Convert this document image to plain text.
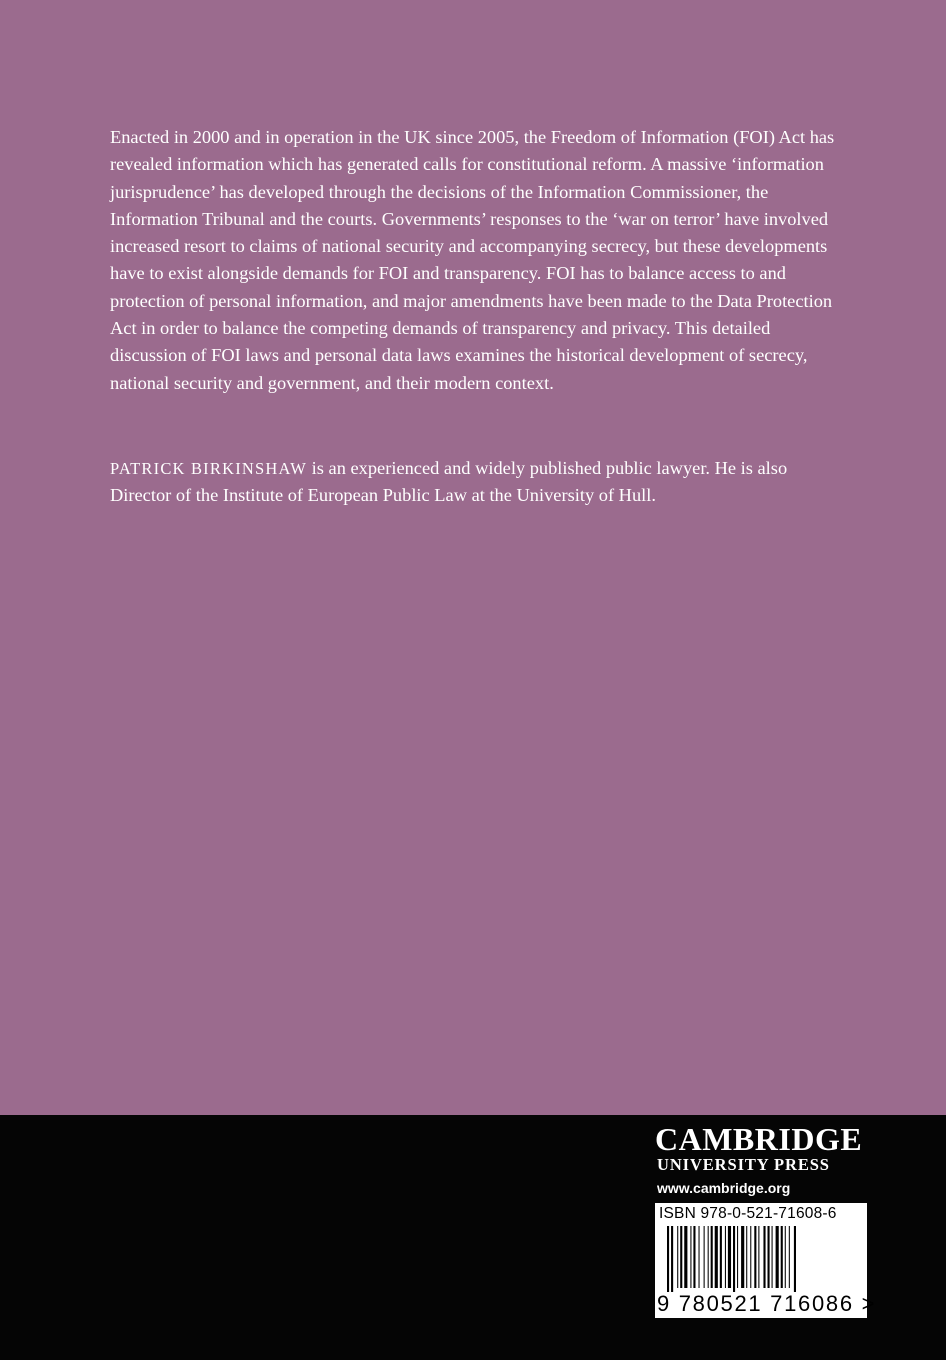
Enacted in 2000 and in operation in the UK since 2005, the Freedom of Information (FOI) Act has revealed information which has generated calls for constitutional reform. A massive ‘information jurisprudence’ has developed through the decisions of the Information Commissioner, the Information Tribunal and the courts. Governments’ responses to the ‘war on terror’ have involved increased resort to claims of national security and accompanying secrecy, but these developments have to exist alongside demands for FOI and transparency. FOI has to balance access to and protection of personal information, and major amendments have been made to the Data Protection Act in order to balance the competing demands of transparency and privacy. This detailed discussion of FOI laws and personal data laws examines the historical development of secrecy, national security and government, and their modern context.

PATRICK BIRKINSHAW is an experienced and widely published public lawyer. He is also Director of the Institute of European Public Law at the University of Hull.

CAMBRIDGE
UNIVERSITY PRESS
www.cambridge.org
ISBN 978-0-521-71608-6
9 780521 716086 >
